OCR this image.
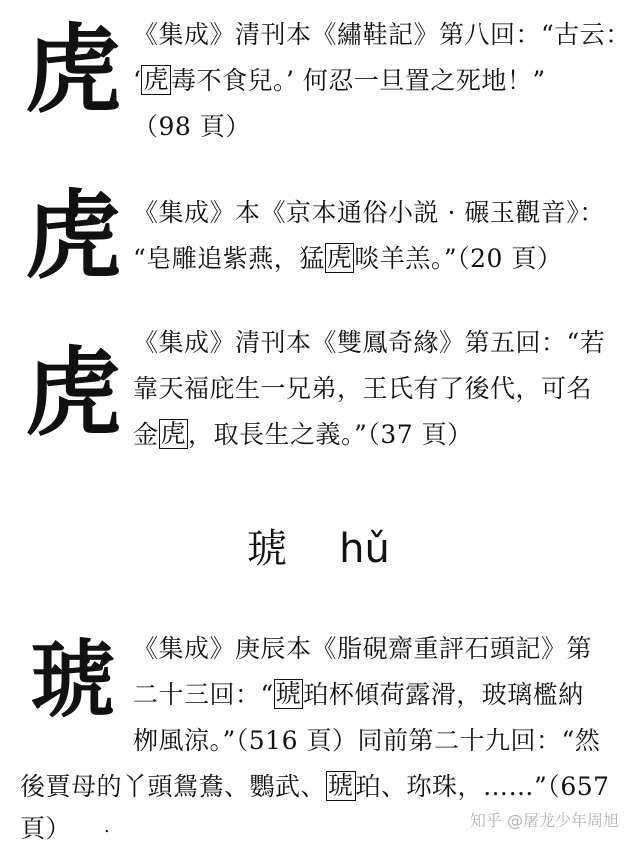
虎 《集成》清刊本《繡鞋記》第八回：“古云：

‘虎毒不食兒。’ 何忍一旦置之死地！”

（98 頁）

虎 《集成》本《京本通俗小説 · 碾玉觀音》：

“皂雕追紫燕，猛虎啖羊羔。”（20 頁）

虎 《集成》清刊本《雙鳳奇緣》第五回：“若

靠天福庇生一兄弟，王氏有了後代，可名

金虎，取長生之義。”（37 頁）

琥 hǔ
琥 《集成》庚辰本《脂硯齋重評石頭記》第

二十三回：“琥珀杯傾荷露滑，玻璃檻納

栁風涼。”（516 頁）同前第二十九回：“然

後賈母的丫頭鴛鴦、鸚武、琥珀、珎珠，……”（657
頁） .	知乎 @屠龙少年周旭
